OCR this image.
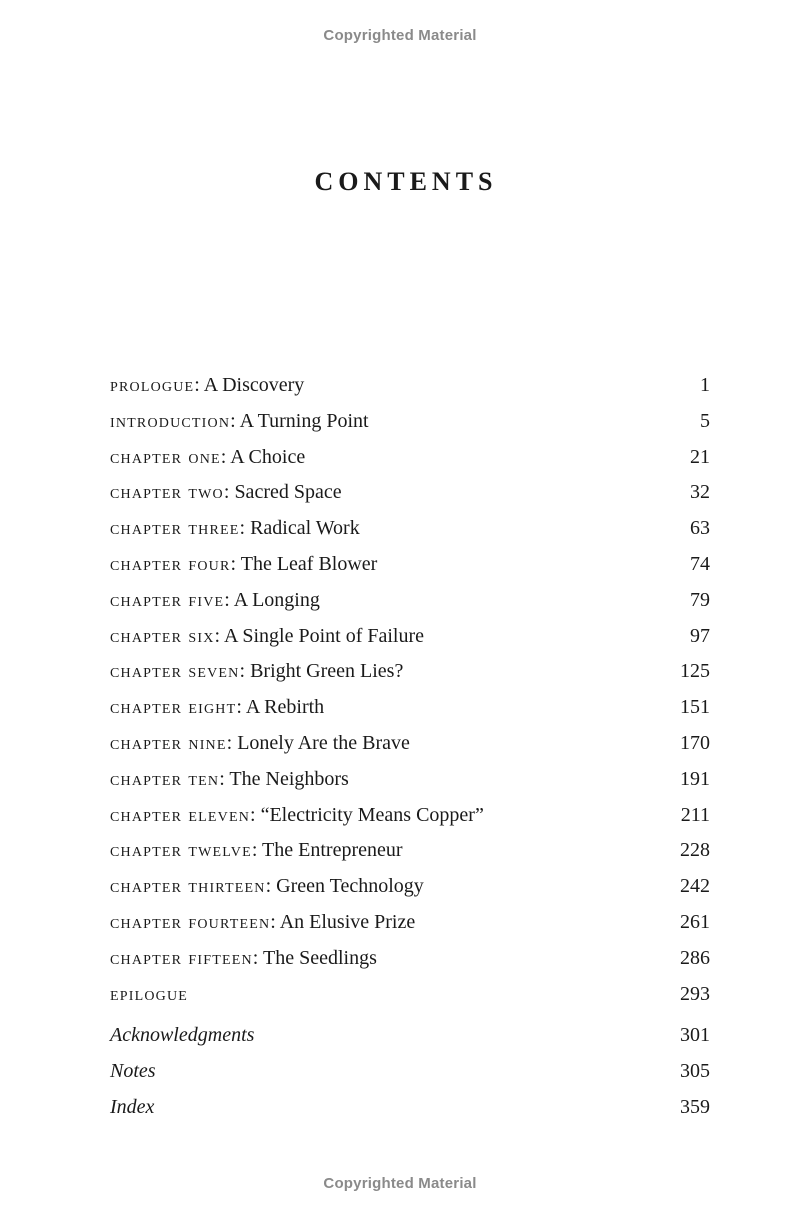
Copyrighted Material
CONTENTS
prologue: A Discovery	1
introduction: A Turning Point	5
chapter one: A Choice	21
chapter two: Sacred Space	32
chapter three: Radical Work	63
chapter four: The Leaf Blower	74
chapter five: A Longing	79
chapter six: A Single Point of Failure	97
chapter seven: Bright Green Lies?	125
chapter eight: A Rebirth	151
chapter nine: Lonely Are the Brave	170
chapter ten: The Neighbors	191
chapter eleven: “Electricity Means Copper”	211
chapter twelve: The Entrepreneur	228
chapter thirteen: Green Technology	242
chapter fourteen: An Elusive Prize	261
chapter fifteen: The Seedlings	286
epilogue	293
Acknowledgments	301
Notes	305
Index	359
Copyrighted Material
